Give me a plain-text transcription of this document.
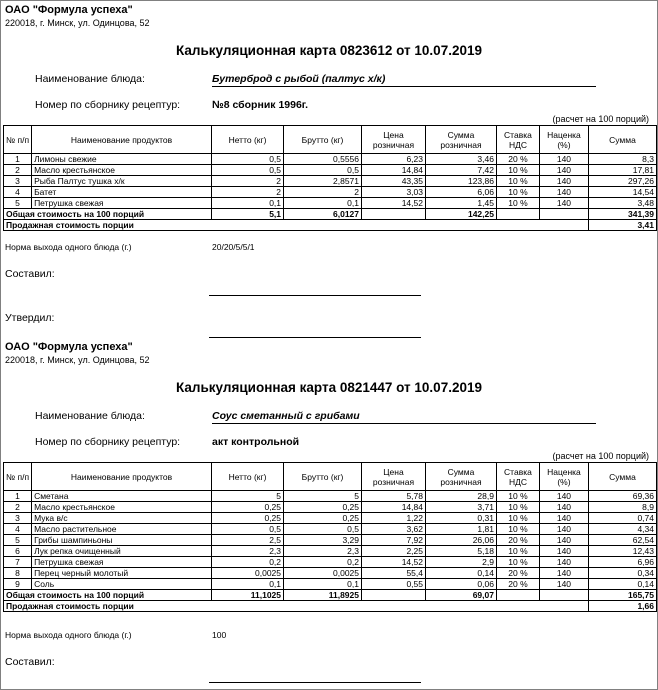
ОАО "Формула успеха"
220018, г. Минск, ул. Одинцова, 52
Калькуляционная карта 0823612 от 10.07.2019
Наименование блюда:	Бутерброд с рыбой (палтус х/к)
Номер по сборнику рецептур:	№8 сборник 1996г.
(расчет на 100 порций)
№ п/п	Наименование продуктов	Нетто (кг)	Брутто (кг)	Цена розничная	Сумма розничная	Ставка НДС	Наценка (%)	Сумма
1	Лимоны свежие	0,5	0,5556	6,23	3,46	20 %	140	8,3
2	Масло крестьянское	0,5	0,5	14,84	7,42	10 %	140	17,81
3	Рыба Палтус тушка х/к	2	2,8571	43,35	123,86	10 %	140	297,26
4	Батет	2	2	3,03	6,06	10 %	140	14,54
5	Петрушка свежая	0,1	0,1	14,52	1,45	10 %	140	3,48
Общая стоимость на 100 порций		5,1	6,0127		142,25			341,39
Продажная стоимость порции								3,41
Норма выхода одного блюда (г.)	20/20/5/5/1
Составил:
Утвердил:
ОАО "Формула успеха"
220018, г. Минск, ул. Одинцова, 52
Калькуляционная карта 0821447 от 10.07.2019
Наименование блюда:	Соус сметанный с грибами
Номер по сборнику рецептур:	акт контрольной
(расчет на 100 порций)
№ п/п	Наименование продуктов	Нетто (кг)	Брутто (кг)	Цена розничная	Сумма розничная	Ставка НДС	Наценка (%)	Сумма
1	Сметана	5	5	5,78	28,9	10 %	140	69,36
2	Масло крестьянское	0,25	0,25	14,84	3,71	10 %	140	8,9
3	Мука в/с	0,25	0,25	1,22	0,31	10 %	140	0,74
4	Масло растительное	0,5	0,5	3,62	1,81	10 %	140	4,34
5	Грибы шампиньоны	2,5	3,29	7,92	26,06	20 %	140	62,54
6	Лук репка очищенный	2,3	2,3	2,25	5,18	10 %	140	12,43
7	Петрушка свежая	0,2	0,2	14,52	2,9	10 %	140	6,96
8	Перец черный молотый	0,0025	0,0025	55,4	0,14	20 %	140	0,34
9	Соль	0,1	0,1	0,55	0,06	20 %	140	0,14
Общая стоимость на 100 порций		11,1025	11,8925		69,07			165,75
Продажная стоимость порции								1,66
Норма выхода одного блюда (г.)	100
Составил:
